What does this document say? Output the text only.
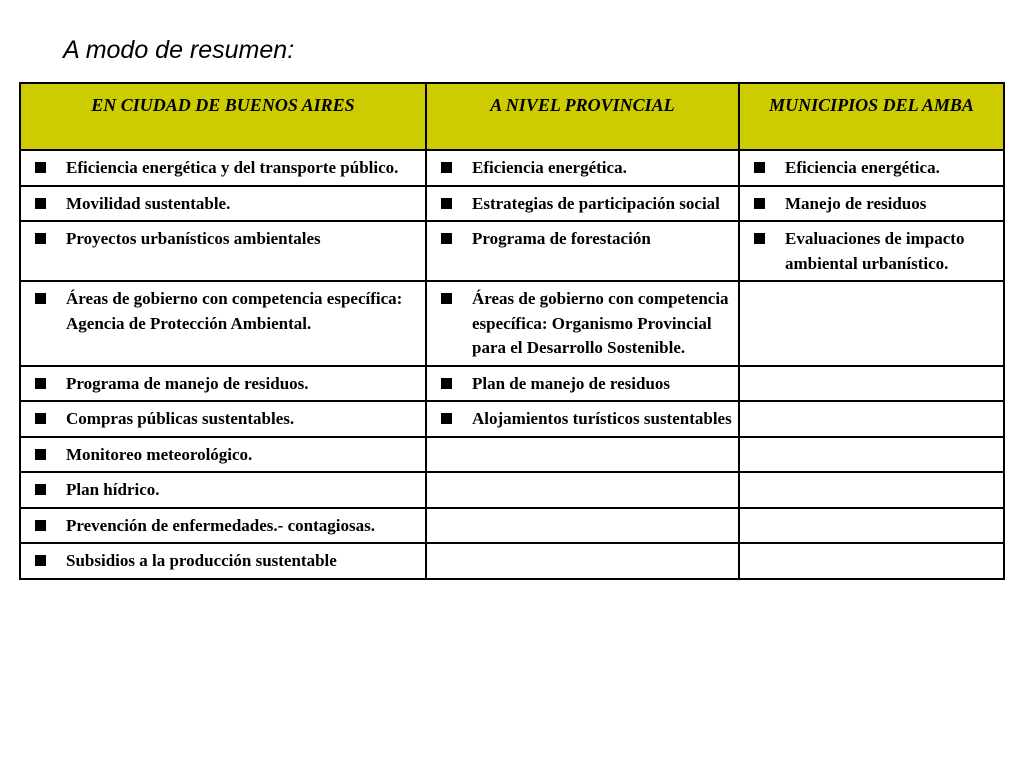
A modo de resumen:
EN CIUDAD DE BUENOS AIRES	A NIVEL PROVINCIAL	MUNICIPIOS DEL AMBA

Eficiencia energética y del transporte público.	Eficiencia energética.	Eficiencia energética.

Movilidad sustentable.	Estrategias de participación social	Manejo de residuos

Proyectos urbanísticos ambientales	Programa de forestación	Evaluaciones de impacto ambiental urbanístico.

Áreas de gobierno con competencia específica: Agencia de Protección Ambiental.	Áreas de gobierno con competencia específica: Organismo Provincial para el Desarrollo Sostenible.	

Programa de manejo de residuos.	Plan de manejo de residuos	

Compras públicas sustentables.	Alojamientos turísticos sustentables	

Monitoreo meteorológico.		

Plan hídrico.		

Prevención de enfermedades.- contagiosas.		

Subsidios a la producción sustentable		
